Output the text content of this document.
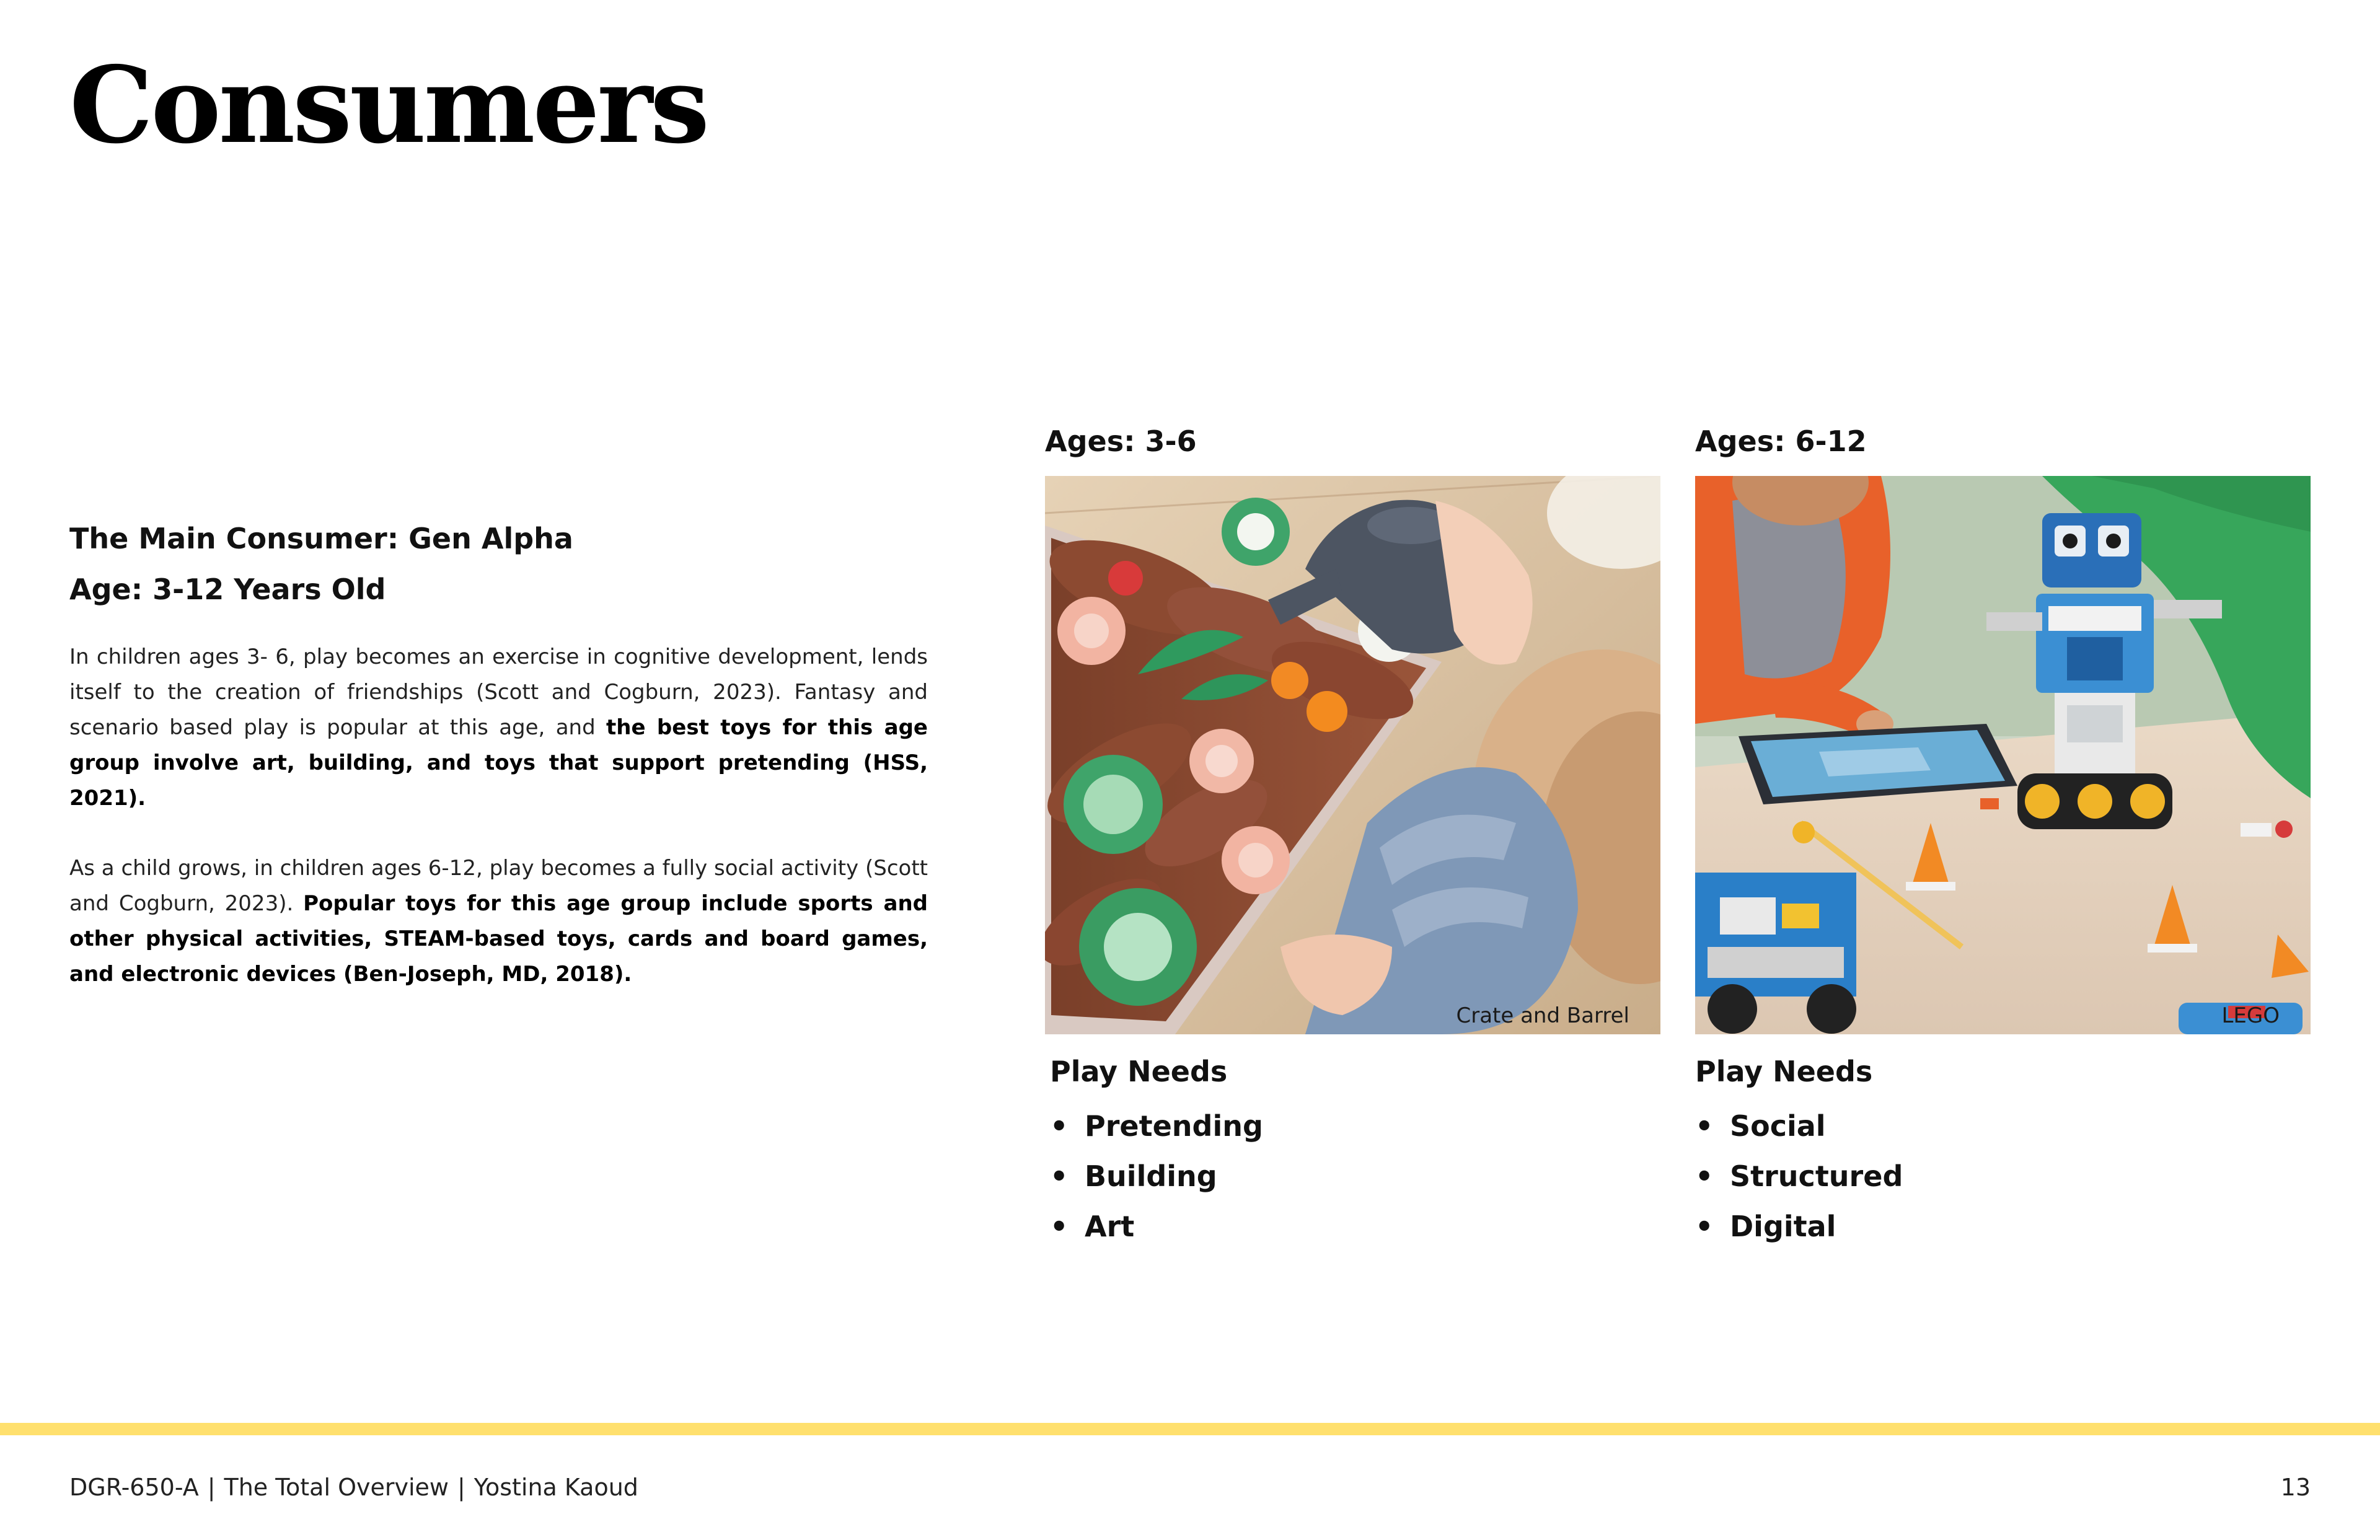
Consumers
The Main Consumer: Gen Alpha
Age: 3-12 Years Old

In children ages 3- 6, play becomes an exercise in cognitive development, lends itself to the creation of friendships (Scott and Cogburn, 2023). Fantasy and scenario based play is popular at this age, and the best toys for this age group involve art, building, and toys that support pretending (HSS, 2021).

As a child grows, in children ages 6-12, play becomes a fully social activity (Scott and Cogburn, 2023). Popular toys for this age group include sports and other physical activities, STEAM-based toys, cards and board games, and electronic devices (Ben-Joseph, MD, 2018).

Ages: 3-6
Crate and Barrel
Play Needs
• Pretending
• Building
• Art
Ages: 6-12
LEGO
Play Needs
• Social
• Structured
• Digital
DGR-650-A | The Total Overview | Yostina Kaoud	13
